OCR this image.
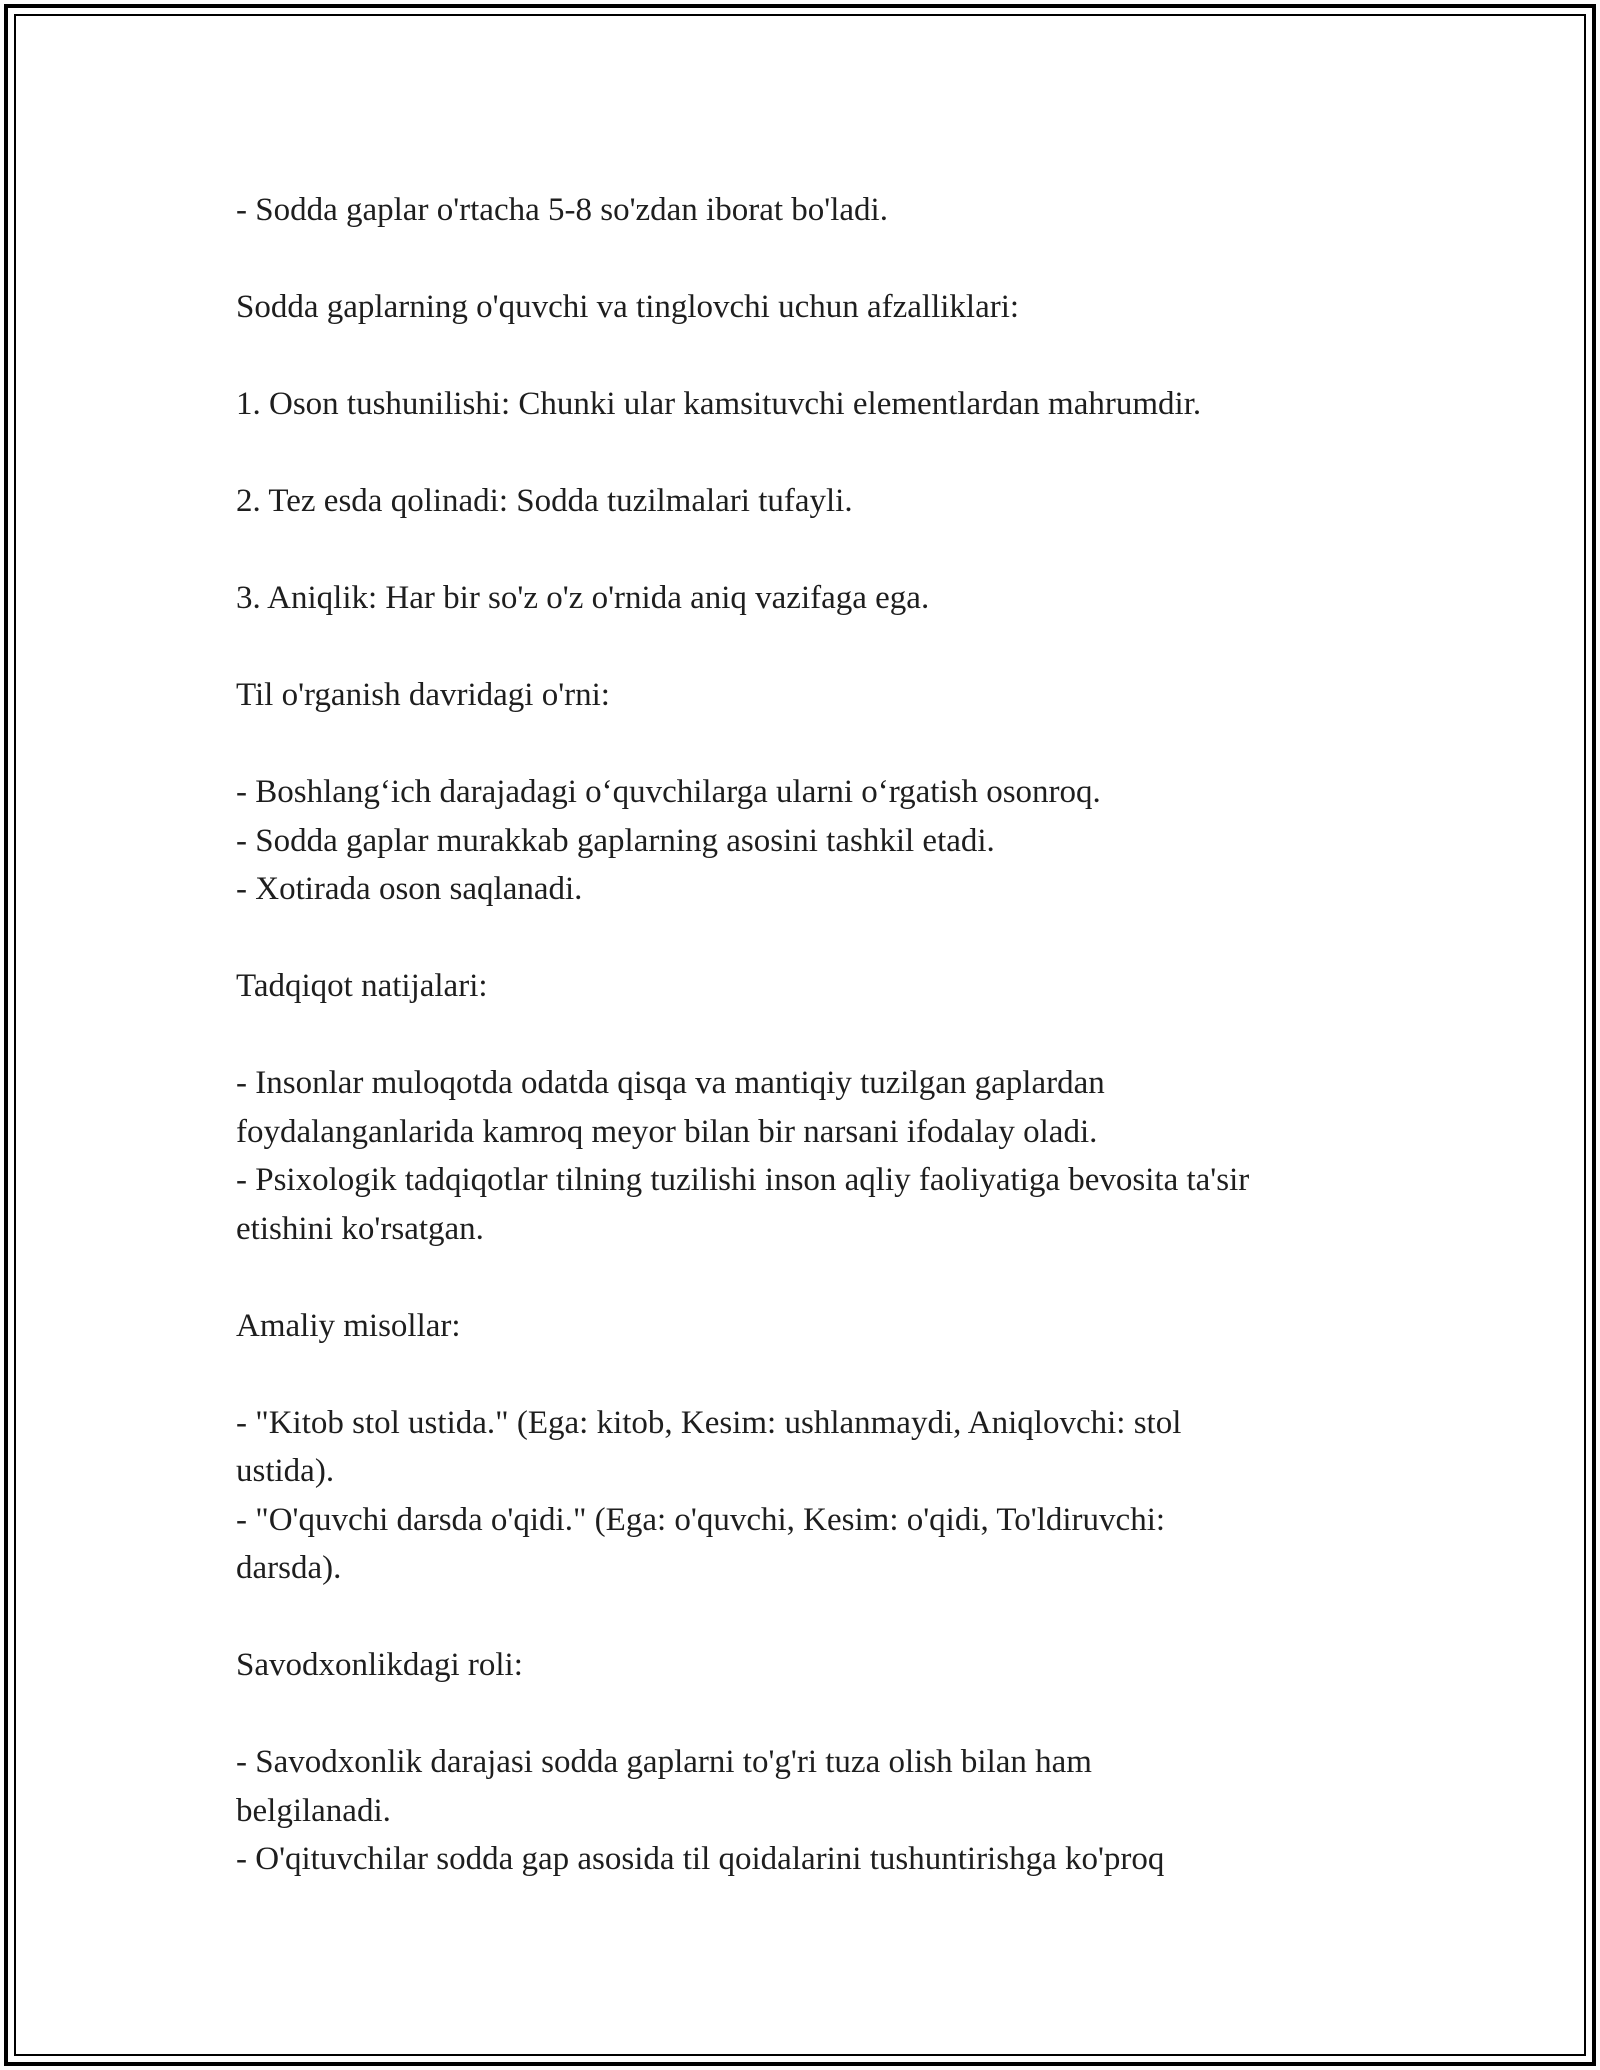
- Sodda gaplar o'rtacha 5-8 so'zdan iborat bo'ladi.

Sodda gaplarning o'quvchi va tinglovchi uchun afzalliklari:

1. Oson tushunilishi: Chunki ular kamsituvchi elementlardan mahrumdir.

2. Tez esda qolinadi: Sodda tuzilmalari tufayli.

3. Aniqlik: Har bir so'z o'z o'rnida aniq vazifaga ega.

Til o'rganish davridagi o'rni:

- Boshlang‘ich darajadagi o‘quvchilarga ularni o‘rgatish osonroq.
- Sodda gaplar murakkab gaplarning asosini tashkil etadi.
- Xotirada oson saqlanadi.

Tadqiqot natijalari:

- Insonlar muloqotda odatda qisqa va mantiqiy tuzilgan gaplardan
foydalanganlarida kamroq meyor bilan bir narsani ifodalay oladi.
- Psixologik tadqiqotlar tilning tuzilishi inson aqliy faoliyatiga bevosita ta'sir
etishini ko'rsatgan.

Amaliy misollar:

- "Kitob stol ustida." (Ega: kitob, Kesim: ushlanmaydi, Aniqlovchi: stol
ustida).
- "O'quvchi darsda o'qidi." (Ega: o'quvchi, Kesim: o'qidi, To'ldiruvchi:
darsda).

Savodxonlikdagi roli:

- Savodxonlik darajasi sodda gaplarni to'g'ri tuza olish bilan ham
belgilanadi.
- O'qituvchilar sodda gap asosida til qoidalarini tushuntirishga ko'proq
